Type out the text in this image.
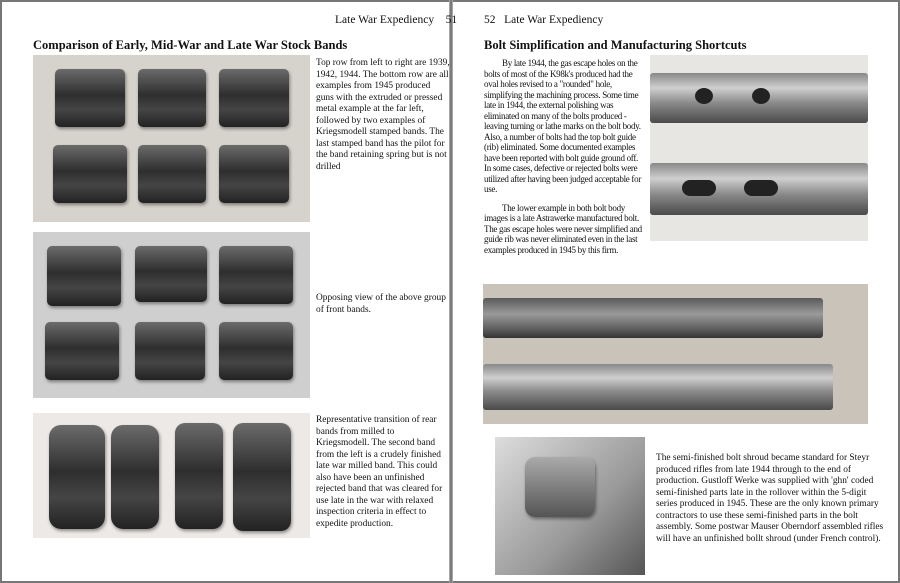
Late War Expediency 51
Comparison of Early, Mid-War and Late War Stock Bands
Top row from left to right are 1939, 1942, 1944. The bottom row are all examples from 1945 produced guns with the extruded or pressed metal example at the far left, followed by two examples of Kriegsmodell stamped bands. The last stamped band has the pilot for the band retaining spring but is not drilled
Opposing view of the above group of front bands.
Representative transition of rear bands from milled to Kriegsmodell. The second band from the left is a crudely finished late war milled band. This could also have been an unfinished rejected band that was cleared for use late in the war with relaxed inspection criteria in effect to expedite production.
52 Late War Expediency
Bolt Simplification and Manufacturing Shortcuts

By late 1944, the gas escape holes on the bolts of most of the K98k's produced had the oval holes revised to a "rounded" hole, simplifying the machining process. Some time late in 1944, the external polishing was eliminated on many of the bolts produced - leaving turning or lathe marks on the bolt body. Also, a number of bolts had the top bolt guide (rib) eliminated. Some documented examples have been reported with bolt guide ground off. In some cases, defective or rejected bolts were utilized after having been judged acceptable for use.

The lower example in both bolt body images is a late Astrawerke manufactured bolt. The gas escape holes were never simplified and guide rib was never eliminated even in the last examples produced in 1945 by this firm.

The semi-finished bolt shroud became standard for Steyr produced rifles from late 1944 through to the end of production. Gustloff Werke was supplied with 'ghn' coded semi-finished parts late in the rollover within the 5-digit series produced in 1945. These are the only known primary contractors to use these semi-finished parts in the bolt assembly. Some postwar Mauser Oberndorf assembled rifles will have an unfinished bollt shroud (under French control).
